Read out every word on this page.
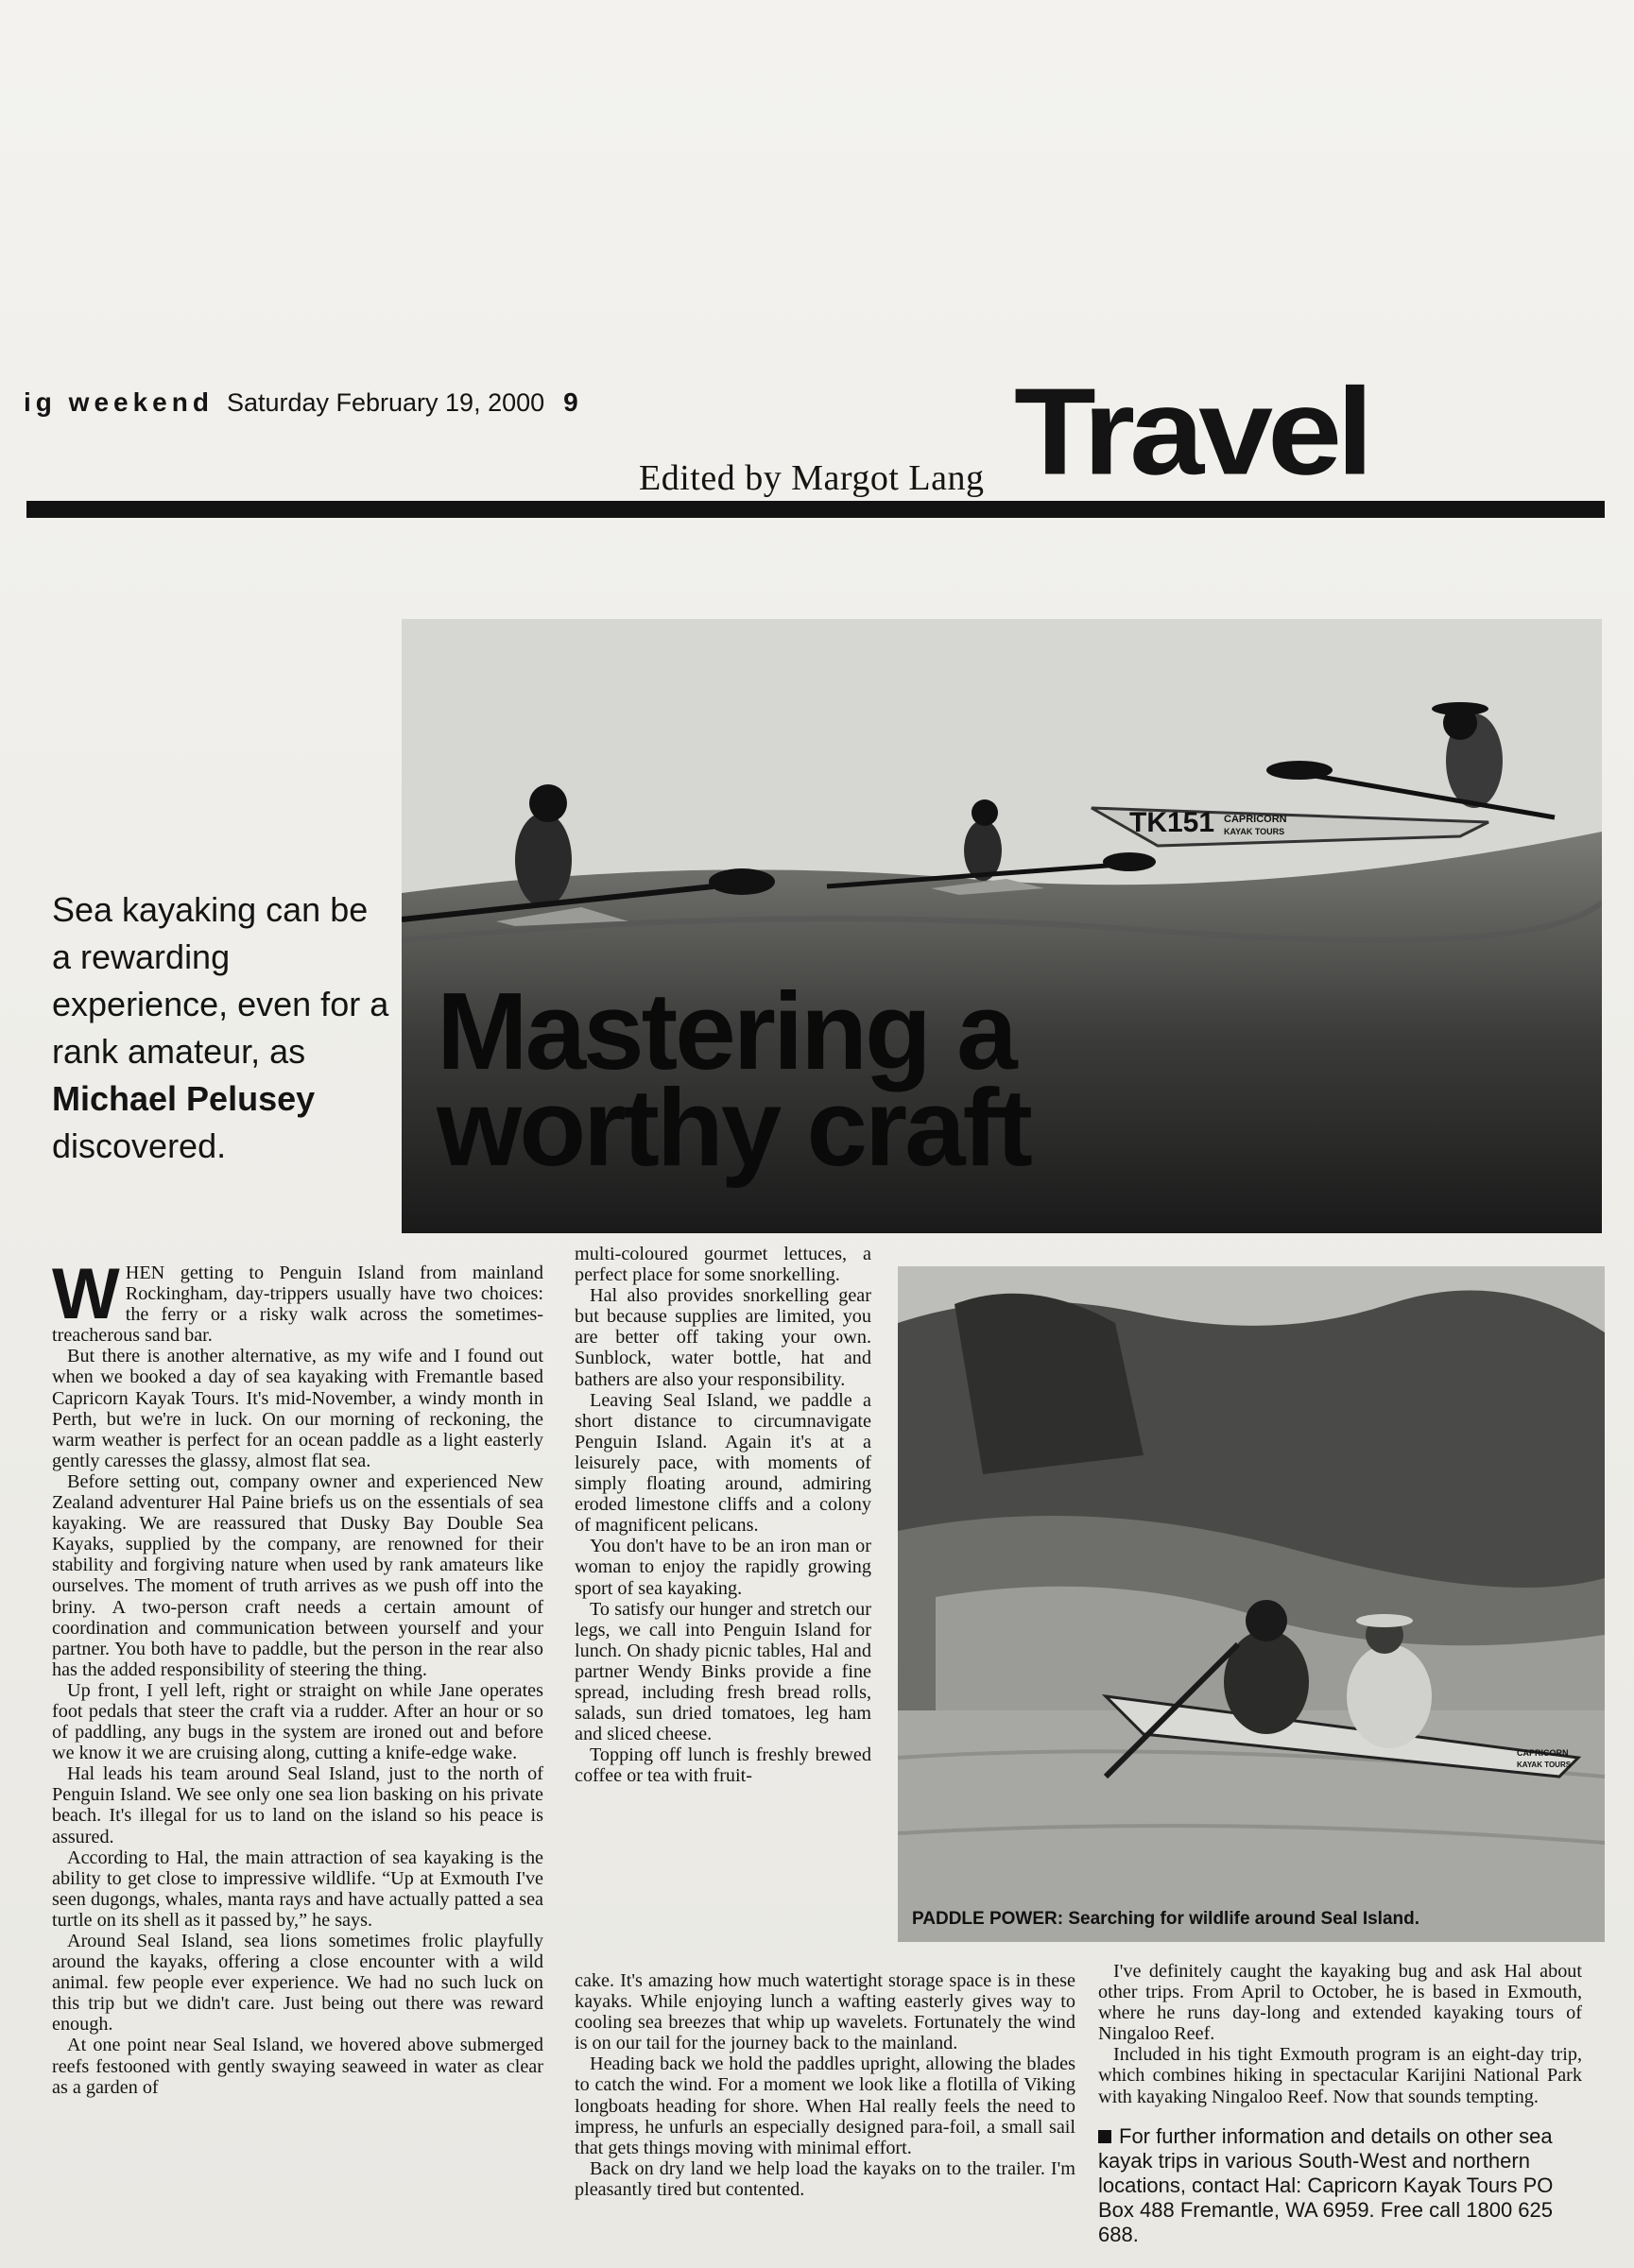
ig weekend Saturday February 19, 2000 9
Edited by Margot Lang Travel
TK151 CAPRICORN
KAYAK TOURS
Mastering a
worthy craft
Sea kayaking can be a rewarding experience, even for a rank amateur, as
Michael Pelusey
discovered.

WHEN getting to Penguin Island from mainland Rockingham, day-trippers usually have two choices: the ferry or a risky walk across the sometimes-treacherous sand bar.

But there is another alternative, as my wife and I found out when we booked a day of sea kayaking with Fremantle based Capricorn Kayak Tours. It's mid-November, a windy month in Perth, but we're in luck. On our morning of reckoning, the warm weather is perfect for an ocean paddle as a light easterly gently caresses the glassy, almost flat sea.

Before setting out, company owner and experienced New Zealand adventurer Hal Paine briefs us on the essentials of sea kayaking. We are reassured that Dusky Bay Double Sea Kayaks, supplied by the company, are renowned for their stability and forgiving nature when used by rank amateurs like ourselves. The moment of truth arrives as we push off into the briny. A two-person craft needs a certain amount of coordination and communication between yourself and your partner. You both have to paddle, but the person in the rear also has the added responsibility of steering the thing.

Up front, I yell left, right or straight on while Jane operates foot pedals that steer the craft via a rudder. After an hour or so of paddling, any bugs in the system are ironed out and before we know it we are cruising along, cutting a knife-edge wake.

Hal leads his team around Seal Island, just to the north of Penguin Island. We see only one sea lion basking on his private beach. It's illegal for us to land on the island so his peace is assured.

According to Hal, the main attraction of sea kayaking is the ability to get close to impressive wildlife. “Up at Exmouth I've seen dugongs, whales, manta rays and have actually patted a sea turtle on its shell as it passed by,” he says.

Around Seal Island, sea lions sometimes frolic playfully around the kayaks, offering a close encounter with a wild animal. few people ever experience. We had no such luck on this trip but we didn't care. Just being out there was reward enough.

At one point near Seal Island, we hovered above submerged reefs festooned with gently swaying seaweed in water as clear as a garden of

multi-coloured gourmet lettuces, a perfect place for some snorkelling.

Hal also provides snorkelling gear but because supplies are limited, you are better off taking your own. Sunblock, water bottle, hat and bathers are also your responsibility.

Leaving Seal Island, we paddle a short distance to circumnavigate Penguin Island. Again it's at a leisurely pace, with moments of simply floating around, admiring eroded limestone cliffs and a colony of magnificent pelicans.

You don't have to be an iron man or woman to enjoy the rapidly growing sport of sea kayaking.

To satisfy our hunger and stretch our legs, we call into Penguin Island for lunch. On shady picnic tables, Hal and partner Wendy Binks provide a fine spread, including fresh bread rolls, salads, sun dried tomatoes, leg ham and sliced cheese.

Topping off lunch is freshly brewed coffee or tea with fruit-

cake. It's amazing how much watertight storage space is in these kayaks. While enjoying lunch a wafting easterly gives way to cooling sea breezes that whip up wavelets. Fortunately the wind is on our tail for the journey back to the mainland.

Heading back we hold the paddles upright, allowing the blades to catch the wind. For a moment we look like a flotilla of Viking longboats heading for shore. When Hal really feels the need to impress, he unfurls an especially designed para-foil, a small sail that gets things moving with minimal effort.

Back on dry land we help load the kayaks on to the trailer. I'm pleasantly tired but contented.

CAPRICORN
KAYAK TOURS
PADDLE POWER: Searching for wildlife around Seal Island.

I've definitely caught the kayaking bug and ask Hal about other trips. From April to October, he is based in Exmouth, where he runs day-long and extended kayaking tours of Ningaloo Reef.

Included in his tight Exmouth program is an eight-day trip, which combines hiking in spectacular Karijini National Park with kayaking Ningaloo Reef. Now that sounds tempting.

For further information and details on other sea kayak trips in various South-West and northern locations, contact Hal: Capricorn Kayak Tours PO Box 488 Fremantle, WA 6959. Free call 1800 625 688.
